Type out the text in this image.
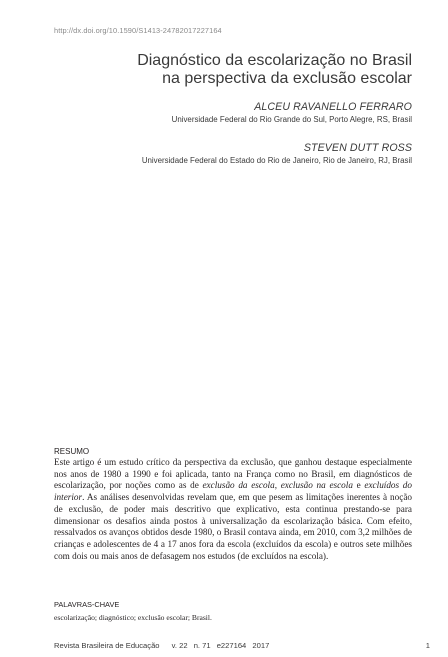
http://dx.doi.org/10.1590/S1413-24782017227164
Diagnóstico da escolarização no Brasil
na perspectiva da exclusão escolar
ALCEU RAVANELLO FERRARO
Universidade Federal do Rio Grande do Sul, Porto Alegre, RS, Brasil
STEVEN DUTT ROSS
Universidade Federal do Estado do Rio de Janeiro, Rio de Janeiro, RJ, Brasil

RESUMO

Este artigo é um estudo crítico da perspectiva da exclusão, que ganhou destaque especialmente nos anos de 1980 a 1990 e foi aplicada, tanto na França como no Brasil, em diagnósticos de escolarização, por noções como as de exclusão da escola, exclusão na escola e excluídos do interior. As análises desenvolvidas revelam que, em que pesem as limitações inerentes à noção de exclusão, de poder mais descritivo que explicativo, esta continua prestando-se para dimensionar os desafios ainda postos à universalização da escolarização básica. Com efeito, ressalvados os avanços obtidos desde 1980, o Brasil contava ainda, em 2010, com 3,2 milhões de crianças e adolescentes de 4 a 17 anos fora da escola (excluídos da escola) e outros sete milhões com dois ou mais anos de defasagem nos estudos (de excluídos na escola).

PALAVRAS-CHAVE

escolarização; diagnóstico; exclusão escolar; Brasil.
Revista Brasileira de Educação v. 22 n. 71 e227164 2017	1
